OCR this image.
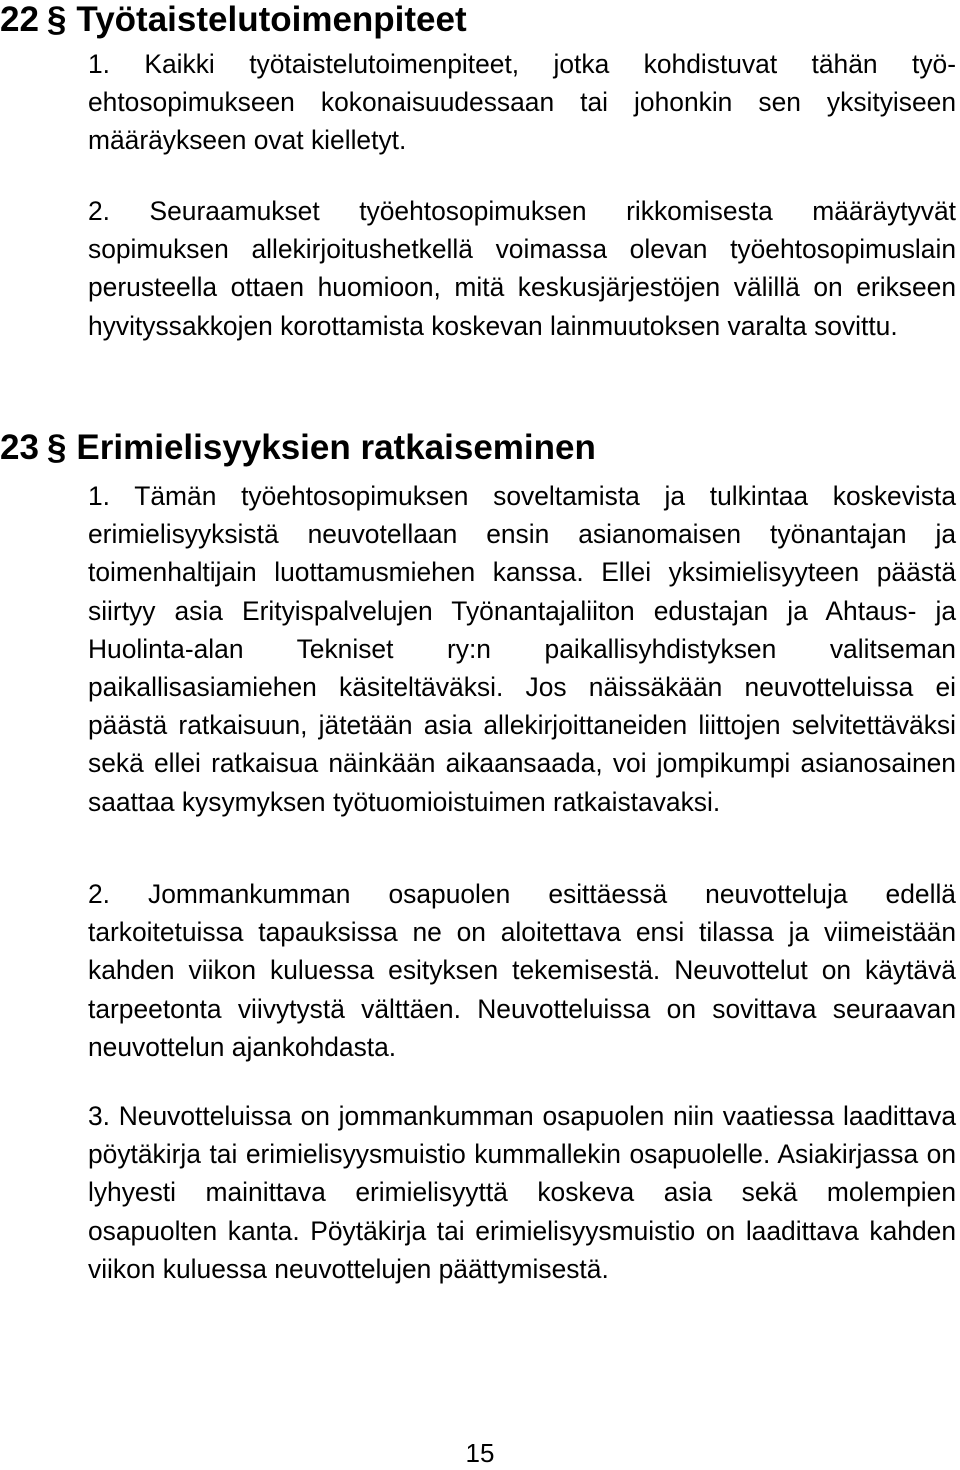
22 § Työtaistelutoimenpiteet

1. Kaikki työtaistelutoimenpiteet, jotka kohdistuvat tähän työehtosopimukseen kokonaisuudessaan tai johonkin sen yksityiseen määräykseen ovat kielletyt.

2. Seuraamukset työehtosopimuksen rikkomisesta määräytyvät sopimuksen allekirjoitushetkellä voimassa olevan työehtosopimuslain perusteella ottaen huomioon, mitä keskusjärjestöjen välillä on erikseen hyvityssakkojen korottamista koskevan lainmuutoksen varalta sovittu.

23 § Erimielisyyksien ratkaiseminen

1. Tämän työehtosopimuksen soveltamista ja tulkintaa koskevista erimielisyyksistä neuvotellaan ensin asianomaisen työnantajan ja toimenhaltijain luottamusmiehen kanssa. Ellei yksimielisyyteen päästä siirtyy asia Erityispalvelujen Työnantajaliiton edustajan ja Ahtaus- ja Huolinta-alan Tekniset ry:n paikallisyhdistyksen valitseman paikallisasiamiehen käsiteltäväksi. Jos näissäkään neuvotteluissa ei päästä ratkaisuun, jätetään asia allekirjoittaneiden liittojen selvitettäväksi sekä ellei ratkaisua näinkään aikaansaada, voi jompikumpi asianosainen saattaa kysymyksen työtuomioistuimen ratkaistavaksi.

2. Jommankumman osapuolen esittäessä neuvotteluja edellä tarkoitetuissa tapauksissa ne on aloitettava ensi tilassa ja viimeistään kahden viikon kuluessa esityksen tekemisestä. Neuvottelut on käytävä tarpeetonta viivytystä välttäen. Neuvotteluissa on sovittava seuraavan neuvottelun ajankohdasta.

3. Neuvotteluissa on jommankumman osapuolen niin vaatiessa laadittava pöytäkirja tai erimielisyysmuistio kummallekin osapuolelle. Asiakirjassa on lyhyesti mainittava erimielisyyttä koskeva asia sekä molempien osapuolten kanta. Pöytäkirja tai erimielisyysmuistio on laadittava kahden viikon kuluessa neuvottelujen päättymisestä.

15
